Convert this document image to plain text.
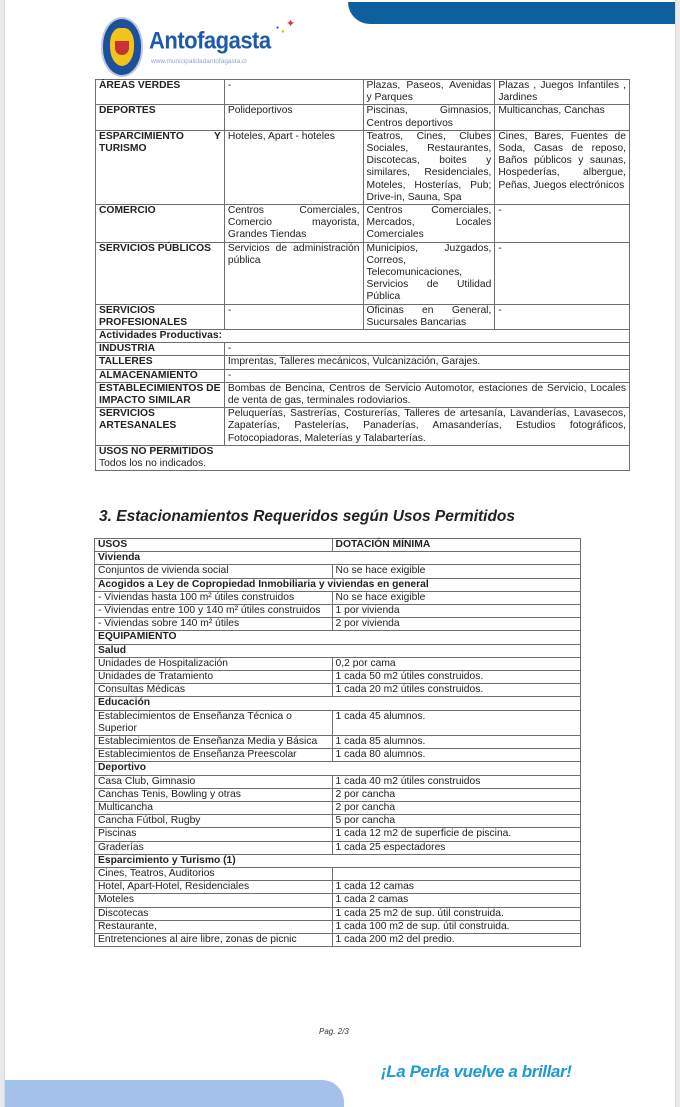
●
●
✦
Antofagasta
www.municipalidadantofagasta.cl
ÁREAS VERDES	-	Plazas, Paseos, Avenidas y Parques	Plazas , Juegos Infantiles , Jardines
DEPORTES	Polideportivos	Piscinas, Gimnasios, Centros deportivos	Multicanchas, Canchas
ESPARCIMIENTO Y TURISMO	Hoteles, Apart - hoteles	Teatros, Cines, Clubes Sociales, Restaurantes, Discotecas, boites y similares, Residenciales, Moteles, Hosterías, Pub; Drive-in, Sauna, Spa	Cines, Bares, Fuentes de Soda, Casas de reposo, Baños públicos y saunas, Hospederías, albergue, Peñas, Juegos electrónicos
COMERCIO	Centros Comerciales, Comercio mayorista, Grandes Tiendas	Centros Comerciales, Mercados, Locales Comerciales	-
SERVICIOS PÚBLICOS	Servicios de administración pública	Municipios, Juzgados, Correos, Telecomunicaciones, Servicios de Utilidad Pública	-
SERVICIOS PROFESIONALES	-	Oficinas en General, Sucursales Bancarias	-
Actividades Productivas:			
INDUSTRIA	-		
TALLERES	Imprentas, Talleres mecánicos, Vulcanización, Garajes.		
ALMACENAMIENTO	-		
ESTABLECIMIENTOS DE IMPACTO SIMILAR	Bombas de Bencina, Centros de Servicio Automotor, estaciones de Servicio, Locales de venta de gas, terminales rodoviarios.		
SERVICIOS ARTESANALES	Peluquerías, Sastrerías, Costurerías, Talleres de artesanía, Lavanderías, Lavasecos, Zapaterías, Pastelerías, Panaderías, Amasanderías, Estudios fotográficos, Fotocopiadoras, Maleterías y Talabarterías.		

USOS NO PERMITIDOS
Todos los no indicados.			
3. Estacionamientos Requeridos según Usos Permitidos
USOS	DOTACIÓN MÍNIMA
Vivienda	
Conjuntos de vivienda social	No se hace exigible
Acogidos a Ley de Copropiedad Inmobiliaria y viviendas en general	
- Viviendas hasta 100 m² útiles construidos	No se hace exigible
- Viviendas entre 100 y 140 m² útiles construidos	1 por vivienda
- Viviendas sobre 140 m² útiles	2 por vivienda
EQUIPAMIENTO	
Salud	
Unidades de Hospitalización	0,2 por cama
Unidades de Tratamiento	1 cada 50 m2 útiles construidos.
Consultas Médicas	1 cada 20 m2 útiles construidos.
Educación	
Establecimientos de Enseñanza Técnica o Superior	1 cada 45 alumnos.
Establecimientos de Enseñanza Media y Básica	1 cada 85 alumnos.
Establecimientos de Enseñanza Preescolar	1 cada 80 alumnos.
Deportivo	
Casa Club, Gimnasio	1 cada 40 m2 útiles construidos
Canchas Tenis, Bowling y otras	2 por cancha
Multicancha	2 por cancha
Cancha Fútbol, Rugby	5 por cancha
Piscinas	1 cada 12 m2 de superficie de piscina.
Graderías	1 cada 25 espectadores
Esparcimiento y Turismo (1)	
Cines, Teatros, Auditorios	
Hotel, Apart-Hotel, Residenciales	1 cada 12 camas
Moteles	1 cada 2 camas
Discotecas	1 cada 25 m2 de sup. útil construida.
Restaurante,	1 cada 100 m2 de sup. útil construida.
Entretenciones al aire libre, zonas de picnic	1 cada 200 m2 del predio.
Pag. 2/3
¡La Perla vuelve a brillar!
